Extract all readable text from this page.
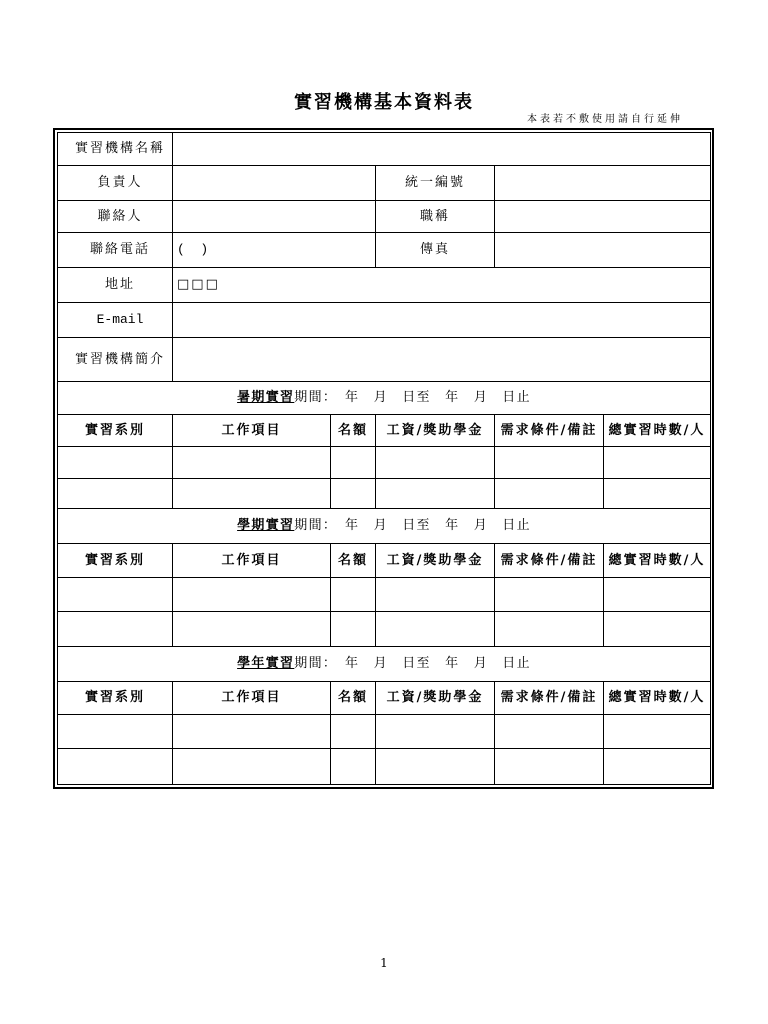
實習機構基本資料表
本表若不敷使用請自行延伸
實習機構名稱					
負責人			統一編號		
聯絡人			職稱		
聯絡電話	(  )		傳真		
地址	□□□				
E-mail					
實習機構簡介					
暑期實習期間：　年　月　日至　年　月　日止					
實習系別	工作項目	名額	工資/獎助學金	需求條件/備註	總實習時數/人

學期實習期間：　年　月　日至　年　月　日止					
實習系別	工作項目	名額	工資/獎助學金	需求條件/備註	總實習時數/人

學年實習期間：　年　月　日至　年　月　日止					
實習系別	工作項目	名額	工資/獎助學金	需求條件/備註	總實習時數/人

1
